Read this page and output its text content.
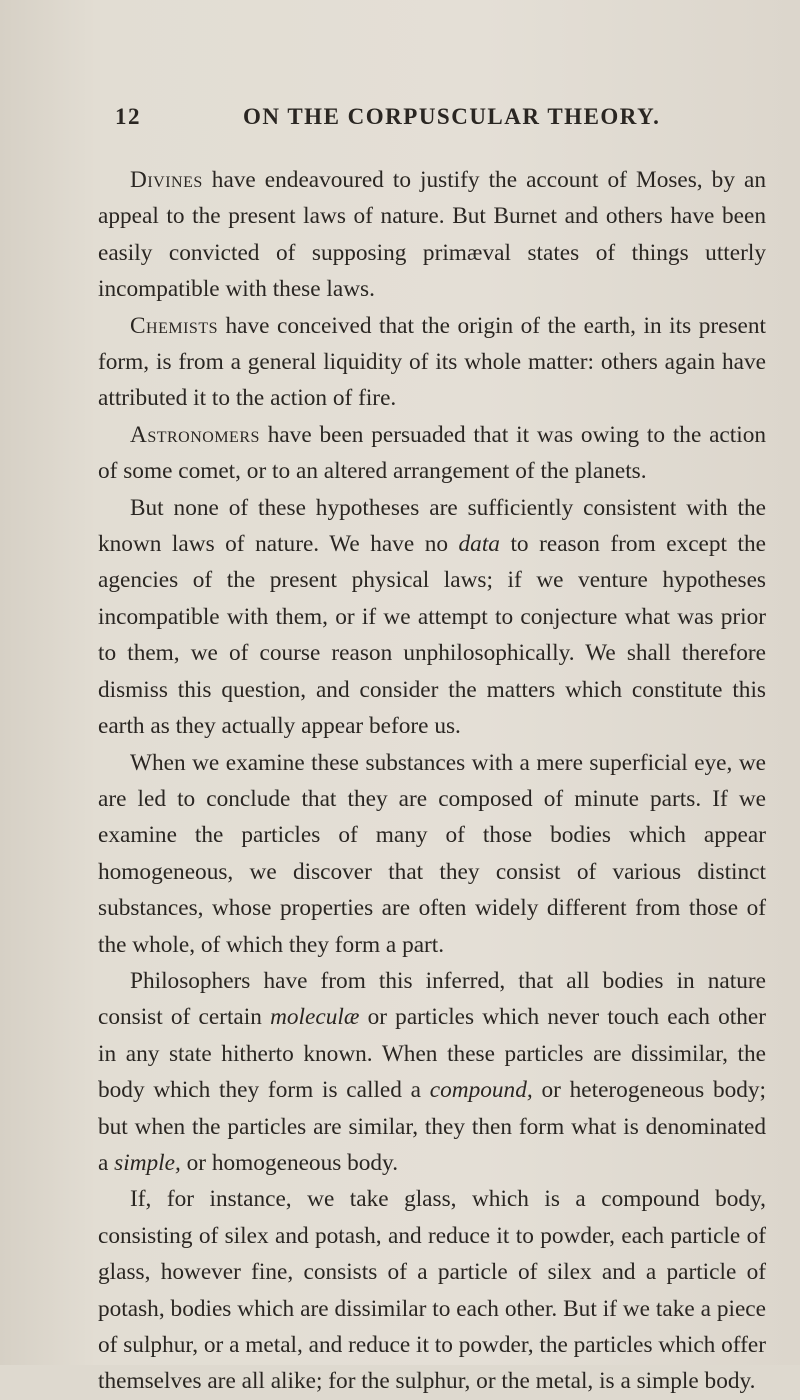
12	ON THE CORPUSCULAR THEORY.

Divines have endeavoured to justify the account of Moses, by an appeal to the present laws of nature. But Burnet and others have been easily convicted of supposing primæval states of things utterly incompatible with these laws.

Chemists have conceived that the origin of the earth, in its present form, is from a general liquidity of its whole matter: others again have attributed it to the action of fire.

Astronomers have been persuaded that it was owing to the action of some comet, or to an altered arrangement of the planets.

But none of these hypotheses are sufficiently consistent with the known laws of nature. We have no data to reason from except the agencies of the present physical laws; if we venture hypotheses incompatible with them, or if we attempt to conjecture what was prior to them, we of course reason unphilosophically. We shall therefore dismiss this question, and consider the matters which constitute this earth as they actually appear before us.

When we examine these substances with a mere superficial eye, we are led to conclude that they are composed of minute parts. If we examine the particles of many of those bodies which appear homogeneous, we discover that they consist of various distinct substances, whose properties are often widely different from those of the whole, of which they form a part.

Philosophers have from this inferred, that all bodies in nature consist of certain moleculæ or particles which never touch each other in any state hitherto known. When these particles are dissimilar, the body which they form is called a compound, or heterogeneous body; but when the particles are similar, they then form what is denominated a simple, or homogeneous body.

If, for instance, we take glass, which is a compound body, consisting of silex and potash, and reduce it to powder, each particle of glass, however fine, consists of a particle of silex and a particle of potash, bodies which are dissimilar to each other. But if we take a piece of sulphur, or a metal, and reduce it to powder, the particles which offer themselves are all alike; for the sulphur, or the metal, is a simple body.
